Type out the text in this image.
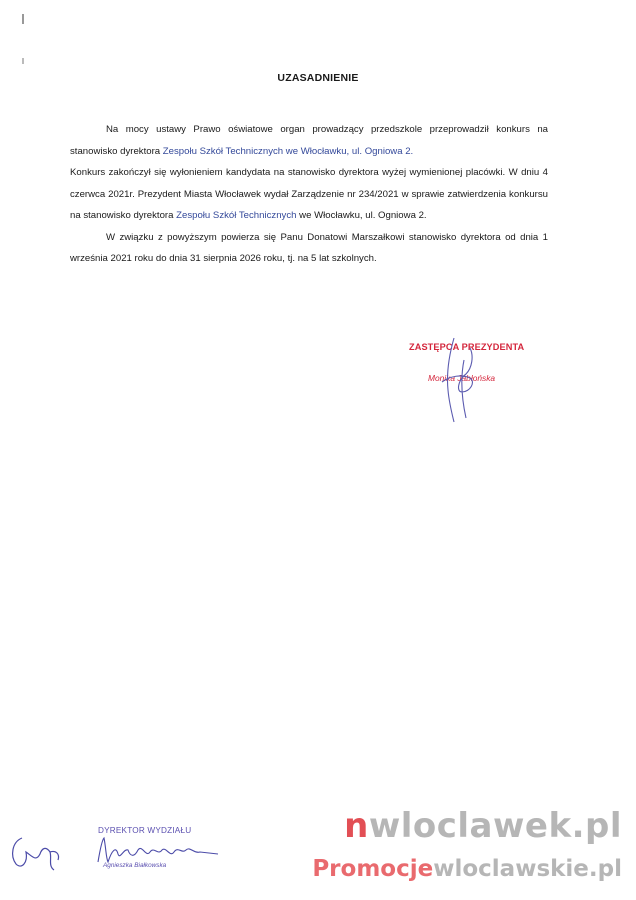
UZASADNIENIE

Na mocy ustawy Prawo oświatowe organ prowadzący przedszkole przeprowadził konkurs na stanowisko dyrektora Zespołu Szkół Technicznych we Włocławku, ul. Ogniowa 2.

Konkurs zakończył się wyłonieniem kandydata na stanowisko dyrektora wyżej wymienionej placówki. W dniu 4 czerwca 2021r. Prezydent Miasta Włocławek wydał Zarządzenie nr 234/2021 w sprawie zatwierdzenia konkursu na stanowisko dyrektora Zespołu Szkół Technicznych we Włocławku, ul. Ogniowa 2.

W związku z powyższym powierza się Panu Donatowi Marszałkowi stanowisko dyrektora od dnia 1 września 2021 roku do dnia 31 sierpnia 2026 roku, tj. na 5 lat szkolnych.

ZASTĘPCA PREZYDENTA
Monika Jabłońska
DYREKTOR WYDZIAŁU
Agnieszka Białkowska
nwloclawek.pl
Promocjewloclawskie.pl
